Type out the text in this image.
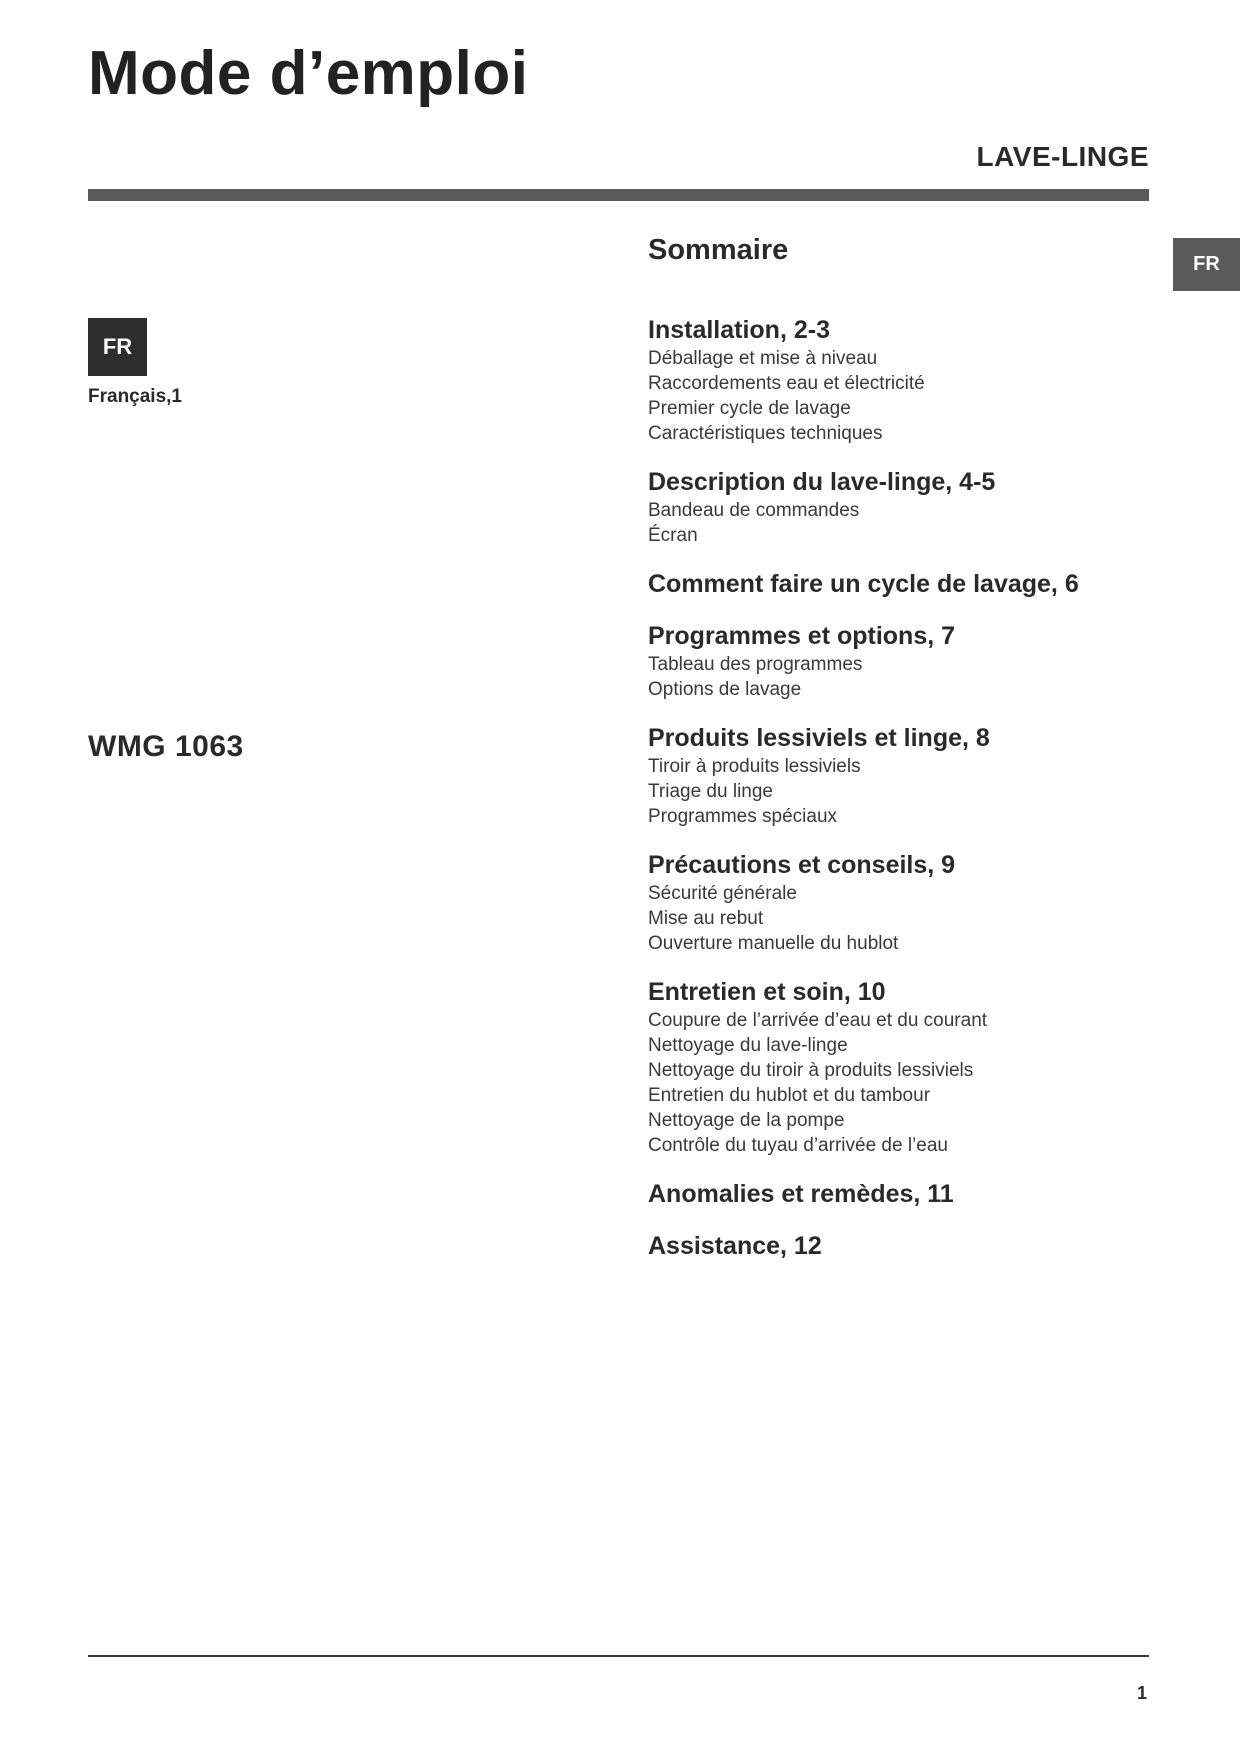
Mode d’emploi
LAVE-LINGE
FR
Français,1
WMG 1063
FR
Sommaire
Installation, 2-3
Déballage et mise à niveau
Raccordements eau et électricité
Premier cycle de lavage
Caractéristiques techniques
Description du lave-linge, 4-5
Bandeau de commandes
Écran
Comment faire un cycle de lavage, 6
Programmes et options, 7
Tableau des programmes
Options de lavage
Produits lessiviels et linge, 8
Tiroir à produits lessiviels
Triage du linge
Programmes spéciaux
Précautions et conseils, 9
Sécurité générale
Mise au rebut
Ouverture manuelle du hublot
Entretien et soin, 10
Coupure de l’arrivée d’eau et du courant
Nettoyage du lave-linge
Nettoyage du tiroir à produits lessiviels
Entretien du hublot et du tambour
Nettoyage de la pompe
Contrôle du tuyau d’arrivée de l’eau
Anomalies et remèdes, 11
Assistance, 12
1
